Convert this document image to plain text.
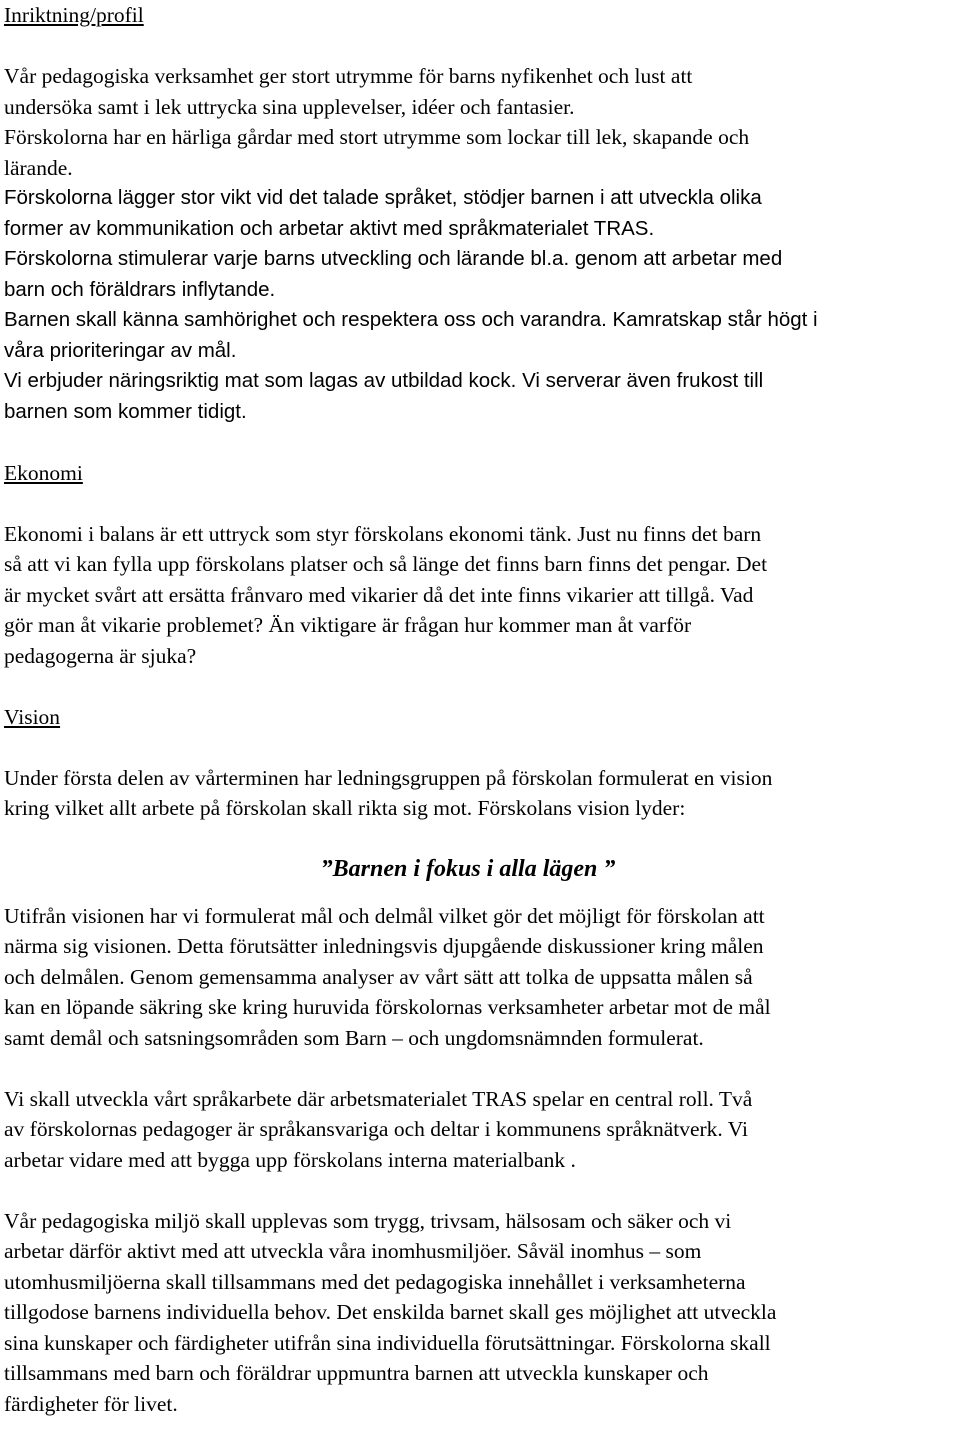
Inriktning/profil
Vår pedagogiska verksamhet ger stort utrymme för barns nyfikenhet och lust att
undersöka samt i lek uttrycka sina upplevelser, idéer och fantasier.
Förskolorna har en härliga gårdar med stort utrymme som lockar till lek, skapande och
lärande.
Förskolorna lägger stor vikt vid det talade språket, stödjer barnen i att utveckla olika
former av kommunikation och arbetar aktivt med språkmaterialet TRAS.
Förskolorna stimulerar varje barns utveckling och lärande bl.a. genom att arbetar med
barn och föräldrars inflytande.
Barnen skall känna samhörighet och respektera oss och varandra. Kamratskap står högt i
våra prioriteringar av mål.
Vi erbjuder näringsriktig mat som lagas av utbildad kock. Vi serverar även frukost till
barnen som kommer tidigt.
Ekonomi
Ekonomi i balans är ett uttryck som styr förskolans ekonomi tänk. Just nu finns det barn
så att vi kan fylla upp förskolans platser och så länge det finns barn finns det pengar. Det
är mycket svårt att ersätta frånvaro med vikarier då det inte finns vikarier att tillgå. Vad
gör man åt vikarie problemet? Än viktigare är frågan hur kommer man åt varför
pedagogerna är sjuka?
Vision
Under första delen av vårterminen har ledningsgruppen på förskolan formulerat en vision
kring vilket allt arbete på förskolan skall rikta sig mot. Förskolans vision lyder:
”Barnen i fokus i alla lägen ”
Utifrån visionen har vi formulerat mål och delmål vilket gör det möjligt för förskolan att
närma sig visionen. Detta förutsätter inledningsvis djupgående diskussioner kring målen
och delmålen. Genom gemensamma analyser av vårt sätt att tolka de uppsatta målen så
kan en löpande säkring ske kring huruvida förskolornas verksamheter arbetar mot de mål
samt demål och satsningsområden som Barn – och ungdomsnämnden formulerat.
Vi skall utveckla vårt språkarbete där arbetsmaterialet TRAS spelar en central roll. Två
av förskolornas pedagoger är språkansvariga och deltar i kommunens språknätverk. Vi
arbetar vidare med att bygga upp förskolans interna materialbank .
Vår pedagogiska miljö skall upplevas som trygg, trivsam, hälsosam och säker och vi
arbetar därför aktivt med att utveckla våra inomhusmiljöer. Såväl inomhus – som
utomhusmiljöerna skall tillsammans med det pedagogiska innehållet i verksamheterna
tillgodose barnens individuella behov. Det enskilda barnet skall ges möjlighet att utveckla
sina kunskaper och färdigheter utifrån sina individuella förutsättningar. Förskolorna skall
tillsammans med barn och föräldrar uppmuntra barnen att utveckla kunskaper och
färdigheter för livet.
